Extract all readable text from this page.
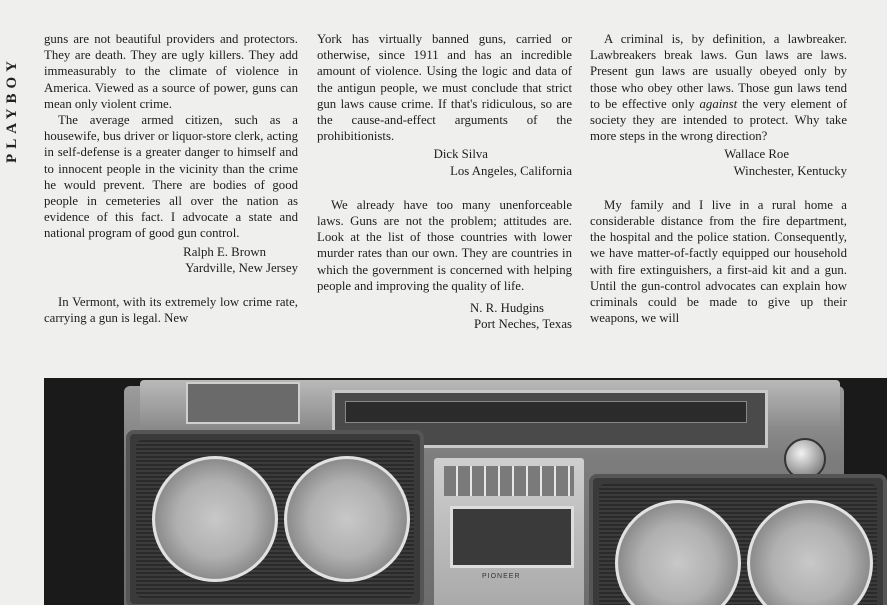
PLAYBOY

guns are not beautiful providers and protectors. They are death. They are ugly killers. They add immeasurably to the climate of violence in America. Viewed as a source of power, guns can mean only violent crime.

The average armed citizen, such as a housewife, bus driver or liquor-store clerk, acting in self-defense is a greater danger to himself and to innocent people in the vicinity than the crime he would prevent. There are bodies of good people in cemeteries all over the nation as evidence of this fact. I advocate a state and national program of good gun control.

Ralph E. Brown
Yardville, New Jersey

In Vermont, with its extremely low crime rate, carrying a gun is legal. New

York has virtually banned guns, carried or otherwise, since 1911 and has an incredible amount of violence. Using the logic and data of the antigun people, we must conclude that strict gun laws cause crime. If that's ridiculous, so are the cause-and-effect arguments of the prohibitionists.

Dick Silva
Los Angeles, California

We already have too many unenforceable laws. Guns are not the problem; attitudes are. Look at the list of those countries with lower murder rates than our own. They are countries in which the government is concerned with helping people and improving the quality of life.

N. R. Hudgins
Port Neches, Texas

A criminal is, by definition, a lawbreaker. Lawbreakers break laws. Gun laws are laws. Present gun laws are usually obeyed only by those who obey other laws. Those gun laws tend to be effective only against the very element of society they are intended to protect. Why take more steps in the wrong direction?

Wallace Roe
Winchester, Kentucky

My family and I live in a rural home a considerable distance from the fire department, the hospital and the police station. Consequently, we have matter-of-factly equipped our household with fire extinguishers, a first-aid kit and a gun. Until the gun-control advocates can explain how criminals could be made to give up their weapons, we will

PIONEER
